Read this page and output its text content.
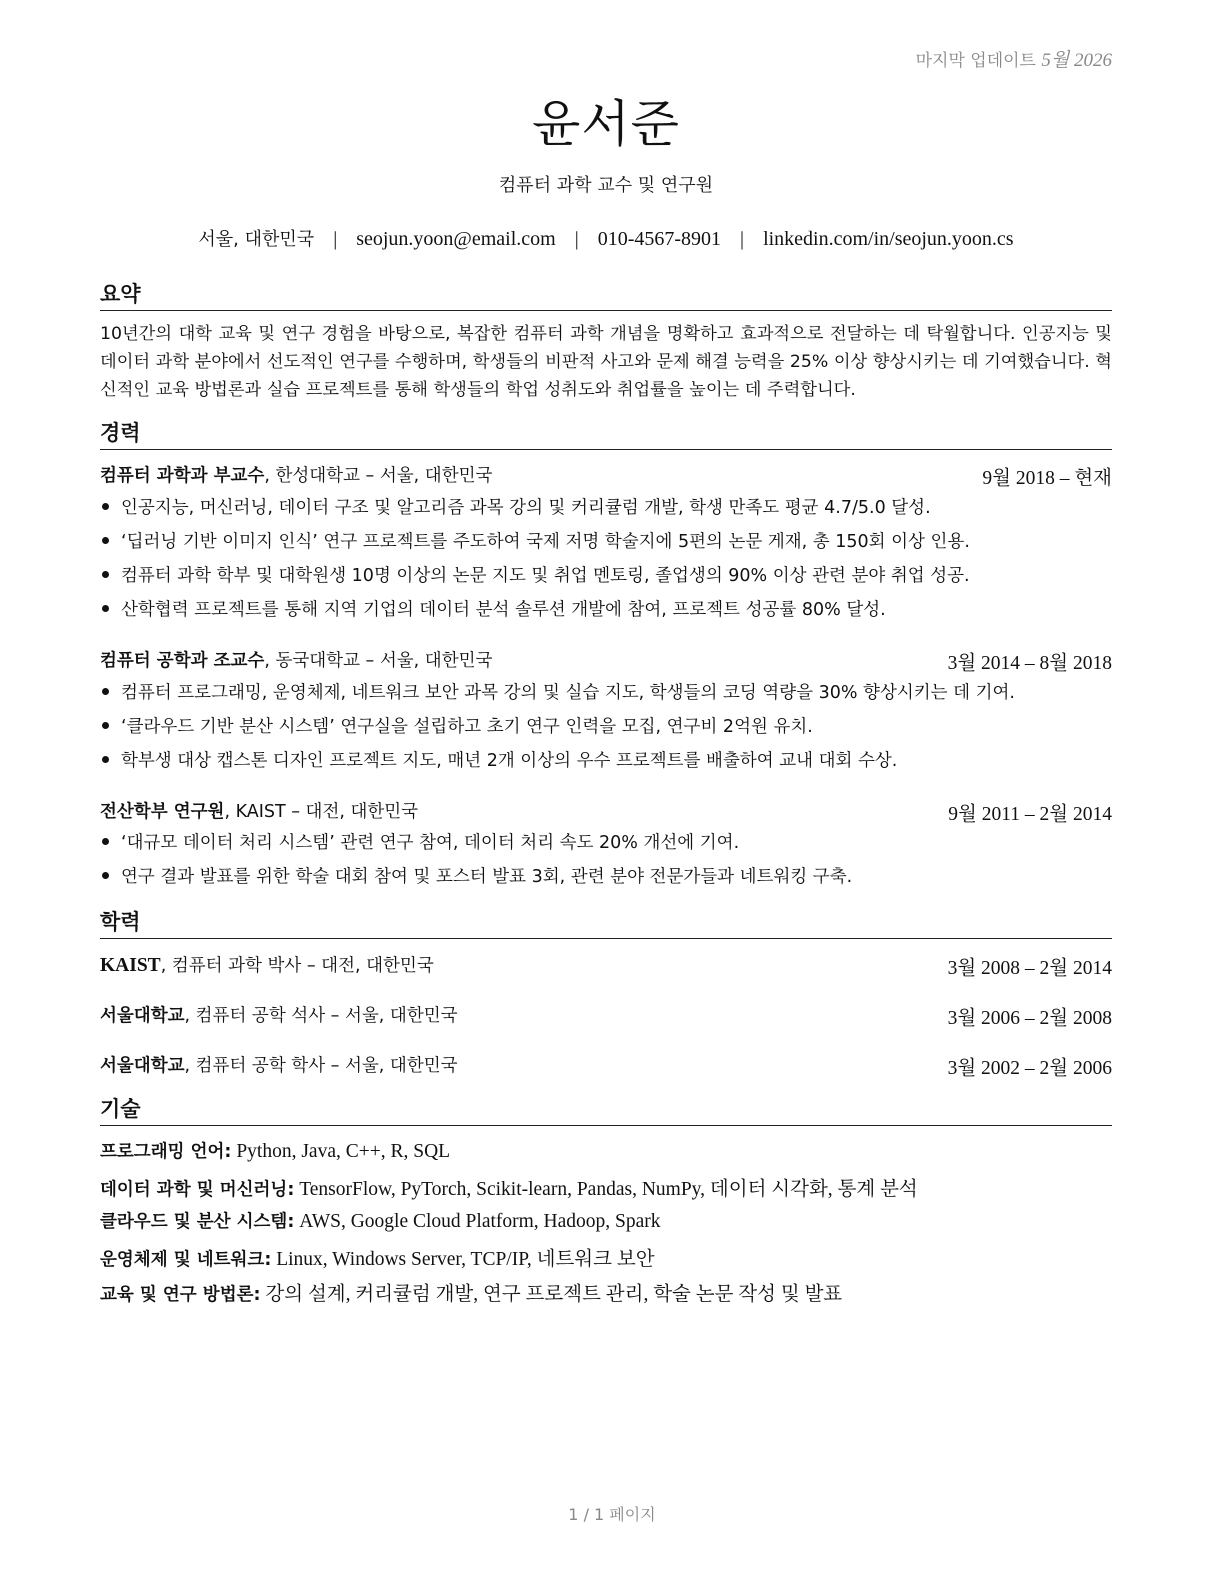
마지막 업데이트 5월 2026
윤서준
컴퓨터 과학 교수 및 연구원
서울, 대한민국 | seojun.yoon@email.com | 010-4567-8901 | linkedin.com/in/seojun.yoon.cs
요약
10년간의 대학 교육 및 연구 경험을 바탕으로, 복잡한 컴퓨터 과학 개념을 명확하고 효과적으로 전달하는 데 탁월합니다. 인공지능 및 데이터 과학 분야에서 선도적인 연구를 수행하며, 학생들의 비판적 사고와 문제 해결 능력을 25% 이상 향상시키는 데 기여했습니다. 혁신적인 교육 방법론과 실습 프로젝트를 통해 학생들의 학업 성취도와 취업률을 높이는 데 주력합니다.
경력
컴퓨터 과학과 부교수, 한성대학교 – 서울, 대한민국	9월 2018 – 현재
인공지능, 머신러닝, 데이터 구조 및 알고리즘 과목 강의 및 커리큘럼 개발, 학생 만족도 평균 4.7/5.0 달성.
‘딥러닝 기반 이미지 인식’ 연구 프로젝트를 주도하여 국제 저명 학술지에 5편의 논문 게재, 총 150회 이상 인용.
컴퓨터 과학 학부 및 대학원생 10명 이상의 논문 지도 및 취업 멘토링, 졸업생의 90% 이상 관련 분야 취업 성공.
산학협력 프로젝트를 통해 지역 기업의 데이터 분석 솔루션 개발에 참여, 프로젝트 성공률 80% 달성.
컴퓨터 공학과 조교수, 동국대학교 – 서울, 대한민국	3월 2014 – 8월 2018
컴퓨터 프로그래밍, 운영체제, 네트워크 보안 과목 강의 및 실습 지도, 학생들의 코딩 역량을 30% 향상시키는 데 기여.
‘클라우드 기반 분산 시스템’ 연구실을 설립하고 초기 연구 인력을 모집, 연구비 2억원 유치.
학부생 대상 캡스톤 디자인 프로젝트 지도, 매년 2개 이상의 우수 프로젝트를 배출하여 교내 대회 수상.
전산학부 연구원, KAIST – 대전, 대한민국	9월 2011 – 2월 2014
‘대규모 데이터 처리 시스템’ 관련 연구 참여, 데이터 처리 속도 20% 개선에 기여.
연구 결과 발표를 위한 학술 대회 참여 및 포스터 발표 3회, 관련 분야 전문가들과 네트워킹 구축.
학력
KAIST, 컴퓨터 과학 박사 – 대전, 대한민국	3월 2008 – 2월 2014
서울대학교, 컴퓨터 공학 석사 – 서울, 대한민국	3월 2006 – 2월 2008
서울대학교, 컴퓨터 공학 학사 – 서울, 대한민국	3월 2002 – 2월 2006
기술
프로그래밍 언어: Python, Java, C++, R, SQL
데이터 과학 및 머신러닝: TensorFlow, PyTorch, Scikit-learn, Pandas, NumPy, 데이터 시각화, 통계 분석
클라우드 및 분산 시스템: AWS, Google Cloud Platform, Hadoop, Spark
운영체제 및 네트워크: Linux, Windows Server, TCP/IP, 네트워크 보안
교육 및 연구 방법론: 강의 설계, 커리큘럼 개발, 연구 프로젝트 관리, 학술 논문 작성 및 발표
1 / 1 페이지
